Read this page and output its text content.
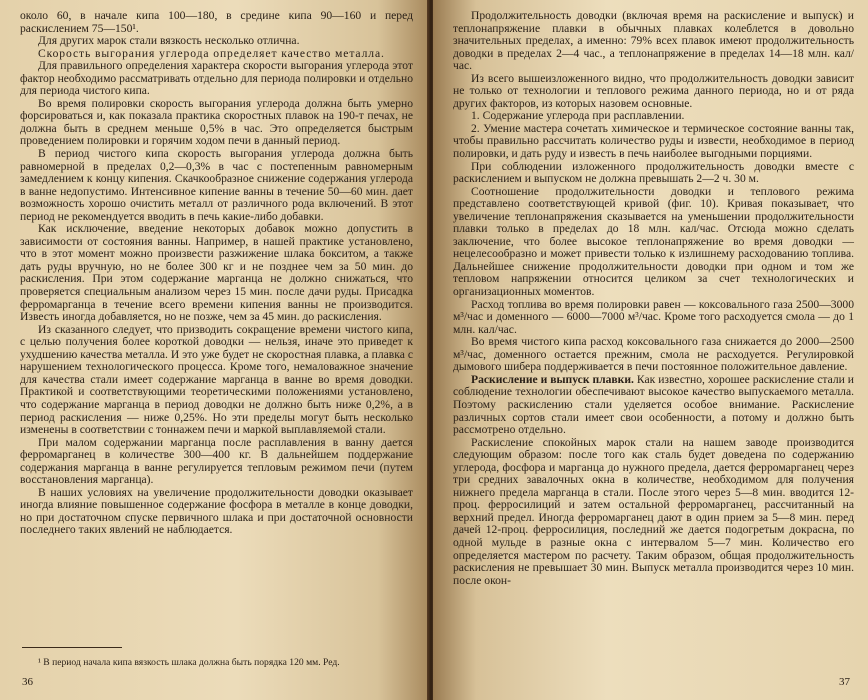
около 60, в начале кипа 100—180, в средине кипа 90—160 и перед раскислением 75—150¹.

Для других марок стали вязкость несколько отлична.

Скорость выгорания углерода определяет качество металла.

Для правильного определения характера скорости выгорания углерода этот фактор необходимо рассматривать отдельно для периода полировки и отдельно для периода чистого кипа.

Во время полировки скорость выгорания углерода должна быть умерно форсироваться и, как показала практика скоростных плавок на 190-т печах, не должна быть в среднем меньше 0,5% в час. Это определяется быстрым проведением полировки и горячим ходом печи в данный период.

В период чистого кипа скорость выгорания углерода должна быть равномерной в пределах 0,2—0,3% в час с постепенным равномерным замедлением к концу кипения. Скачкообразное снижение содержания углерода в ванне недопустимо. Интенсивное кипение ванны в течение 50—60 мин. дает возможность хорошо очистить металл от различного рода включений. В этот период не рекомендуется вводить в печь какие-либо добавки.

Как исключение, введение некоторых добавок можно допустить в зависимости от состояния ванны. Например, в нашей практике установлено, что в этот момент можно произвести разжижение шлака бокситом, а также дать руды вручную, но не более 300 кг и не позднее чем за 50 мин. до раскисления. При этом содержание марганца не должно снижаться, что проверяется специальным анализом через 15 мин. после дачи руды. Присадка ферромарганца в течение всего времени кипения ванны не производится. Известь иногда добавляется, но не позже, чем за 45 мин. до раскисления.

Из сказанного следует, что призводить сокращение времени чистого кипа, с целью получения более короткой доводки — нельзя, иначе это приведет к ухудшению качества металла. И это уже будет не скоростная плавка, а плавка с нарушением технологического процесса. Кроме того, немаловажное значение для качества стали имеет содержание марганца в ванне во время доводки. Практикой и соответствующими теоретическими положениями установлено, что содержание марганца в период доводки не должно быть ниже 0,2%, а в период раскисления — ниже 0,25%. Но эти пределы могут быть несколько изменены в соответствии с тоннажем печи и маркой выплавляемой стали.

При малом содержании марганца после расплавления в ванну дается ферромарганец в количестве 300—400 кг. В дальнейшем поддержание содержания марганца в ванне регулируется тепловым режимом печи (путем восстановления марганца).

В наших условиях на увеличение продолжительности доводки оказывает иногда влияние повышенное содержание фосфора в металле в конце доводки, но при достаточном спуске первичного шлака и при достаточной основности последнего таких явлений не наблюдается.

¹ В период начала кипа вязкость шлака должна быть порядка 120 мм. Ред.
36

Продолжительность доводки (включая время на раскисление и выпуск) и теплонапряжение плавки в обычных плавках колеблется в довольно значительных пределах, а именно: 79% всех плавок имеют продолжительность доводки в пределах 2—4 час., а теплонапряжение в пределах 14—18 млн. кал/час.

Из всего вышеизложенного видно, что продолжительность доводки зависит не только от технологии и теплового режима данного периода, но и от ряда других факторов, из которых назовем основные.

1. Содержание углерода при расплавлении.

2. Умение мастера сочетать химическое и термическое состояние ванны так, чтобы правильно рассчитать количество руды и извести, необходимое в период полировки, и дать руду и известь в печь наиболее выгодными порциями.

При соблюдении изложенного продолжительность доводки вместе с раскислением и выпуском не должна превышать 2—2 ч. 30 м.

Соотношение продолжительности доводки и теплового режима представлено соответствующей кривой (фиг. 10). Кривая показывает, что увеличение теплонапряжения сказывается на уменьшении продолжительности плавки только в пределах до 18 млн. кал/час. Отсюда можно сделать заключение, что более высокое теплонапряжение во время доводки — нецелесообразно и может привести только к излишнему расходованию топлива. Дальнейшее снижение продолжительности доводки при одном и том же тепловом напряжении относится целиком за счет технологических и организационных моментов.

Расход топлива во время полировки равен — коксовального газа 2500—3000 м³/час и доменного — 6000—7000 м³/час. Кроме того расходуется смола — до 1 млн. кал/час.

Во время чистого кипа расход коксовального газа снижается до 2000—2500 м³/час, доменного остается прежним, смола не расходуется. Регулировкой дымового шибера поддерживается в печи постоянное положительное давление.

Раскисление и выпуск плавки. Как известно, хорошее раскисление стали и соблюдение технологии обеспечивают высокое качество выпускаемого металла. Поэтому раскислению стали уделяется особое внимание. Раскисление различных сортов стали имеет свои особенности, а потому и должно быть рассмотрено отдельно.

Раскисление спокойных марок стали на нашем заводе производится следующим образом: после того как сталь будет доведена по содержанию углерода, фосфора и марганца до нужного предела, дается ферромарганец через три средних завалочных окна в количестве, необходимом для получения нижнего предела марганца в стали. После этого через 5—8 мин. вводится 12-проц. ферросилиций и затем остальной ферромарганец, рассчитанный на верхний предел. Иногда ферромарганец дают в один прием за 5—8 мин. перед дачей 12-проц. ферросилиция, последний же дается подогретым докрасна, по одной мульде в разные окна с интервалом 5—7 мин. Количество его определяется мастером по расчету. Таким образом, общая продолжительность раскисления не превышает 30 мин. Выпуск металла производится через 10 мин. после окон-

37
